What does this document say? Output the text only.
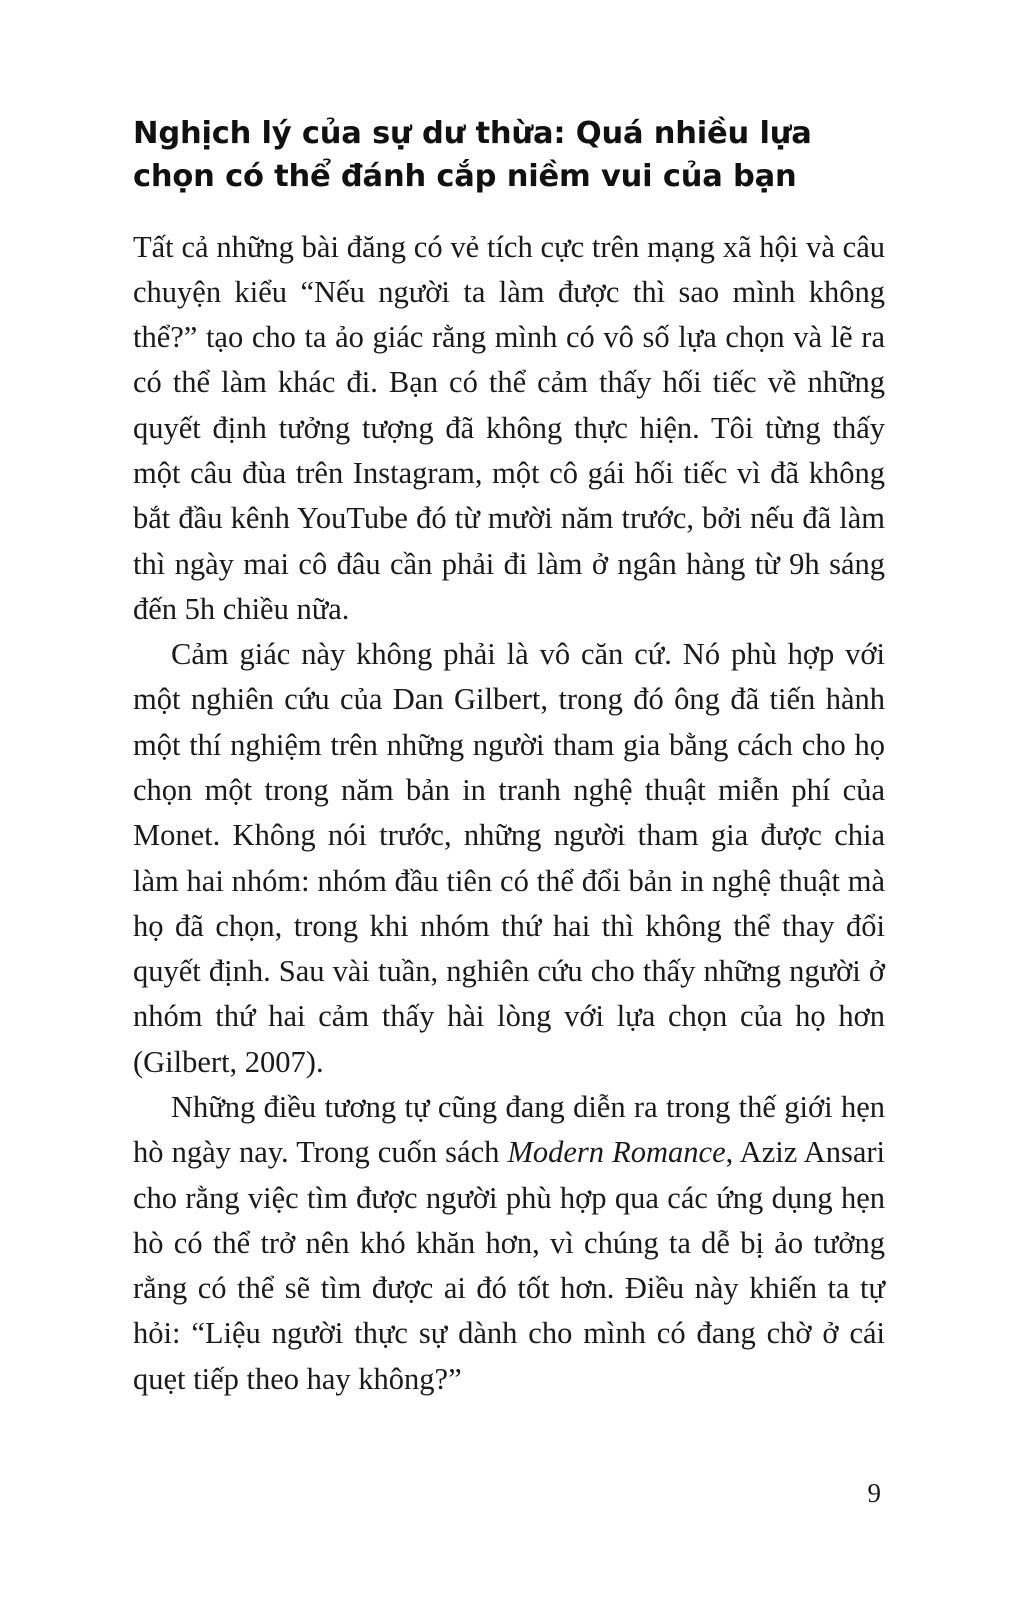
Nghịch lý của sự dư thừa: Quá nhiều lựa chọn có thể đánh cắp niềm vui của bạn

Tất cả những bài đăng có vẻ tích cực trên mạng xã hội và câu chuyện kiểu “Nếu người ta làm được thì sao mình không thể?” tạo cho ta ảo giác rằng mình có vô số lựa chọn và lẽ ra có thể làm khác đi. Bạn có thể cảm thấy hối tiếc về những quyết định tưởng tượng đã không thực hiện. Tôi từng thấy một câu đùa trên Instagram, một cô gái hối tiếc vì đã không bắt đầu kênh YouTube đó từ mười năm trước, bởi nếu đã làm thì ngày mai cô đâu cần phải đi làm ở ngân hàng từ 9h sáng đến 5h chiều nữa.

Cảm giác này không phải là vô căn cứ. Nó phù hợp với một nghiên cứu của Dan Gilbert, trong đó ông đã tiến hành một thí nghiệm trên những người tham gia bằng cách cho họ chọn một trong năm bản in tranh nghệ thuật miễn phí của Monet. Không nói trước, những người tham gia được chia làm hai nhóm: nhóm đầu tiên có thể đổi bản in nghệ thuật mà họ đã chọn, trong khi nhóm thứ hai thì không thể thay đổi quyết định. Sau vài tuần, nghiên cứu cho thấy những người ở nhóm thứ hai cảm thấy hài lòng với lựa chọn của họ hơn (Gilbert, 2007).

Những điều tương tự cũng đang diễn ra trong thế giới hẹn hò ngày nay. Trong cuốn sách Modern Romance, Aziz Ansari cho rằng việc tìm được người phù hợp qua các ứng dụng hẹn hò có thể trở nên khó khăn hơn, vì chúng ta dễ bị ảo tưởng rằng có thể sẽ tìm được ai đó tốt hơn. Điều này khiến ta tự hỏi: “Liệu người thực sự dành cho mình có đang chờ ở cái quẹt tiếp theo hay không?”

9
